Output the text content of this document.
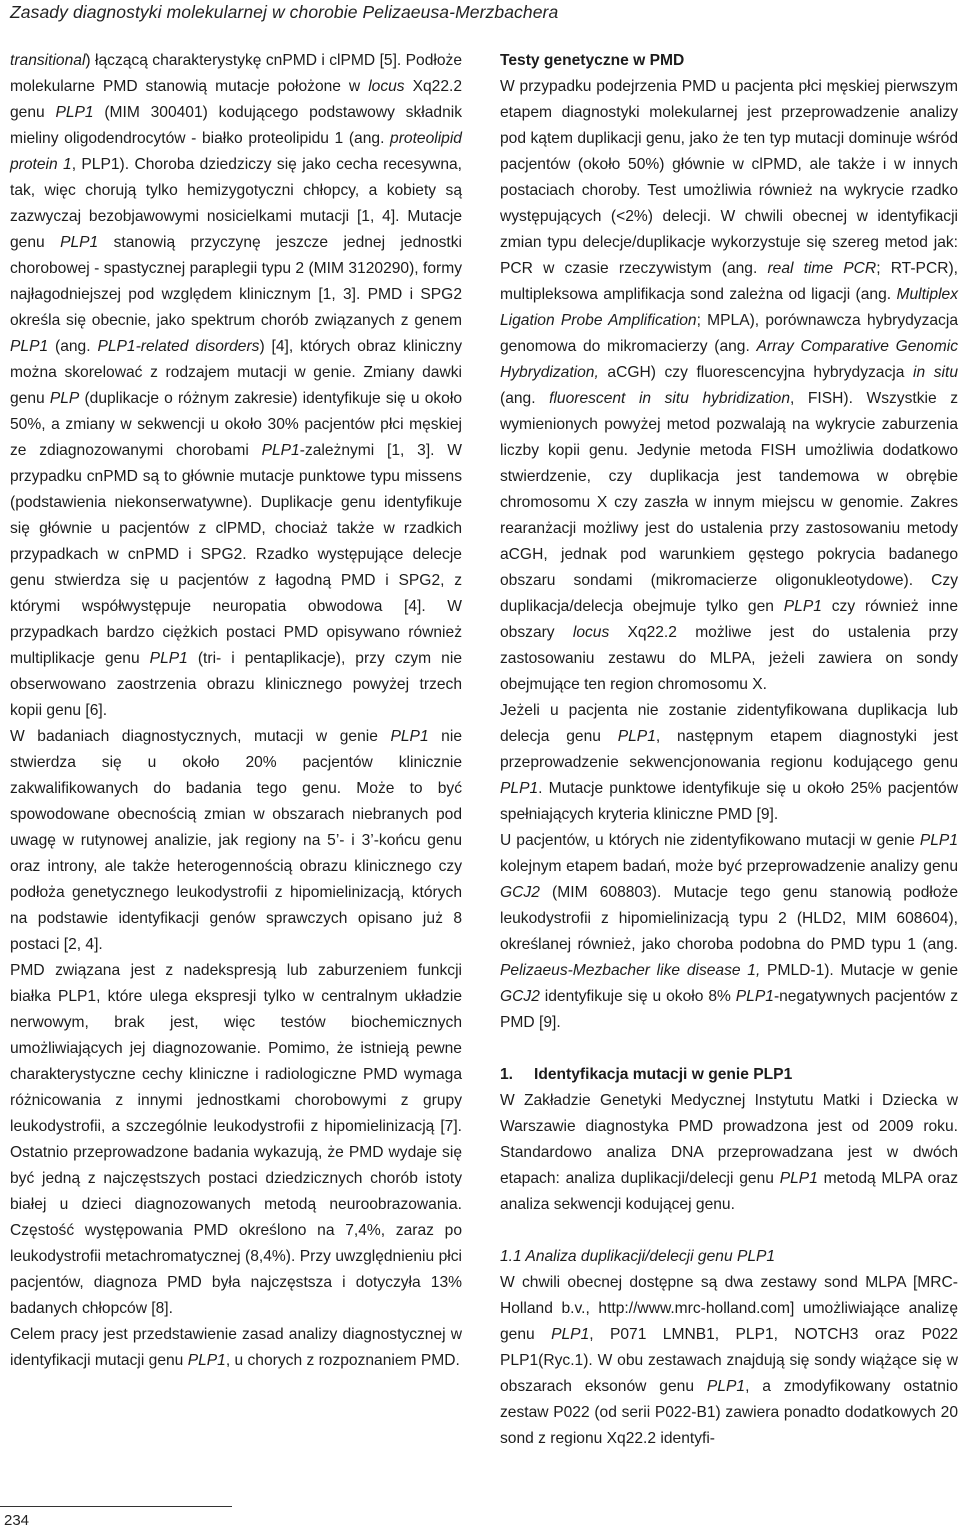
Zasady diagnostyki molekularnej w chorobie Pelizaeusa-Merzbachera

transitional) łączącą charakterystykę cnPMD i clPMD [5]. Podłoże molekularne PMD stanowią mutacje położone w locus Xq22.2 genu PLP1 (MIM 300401) kodującego podstawowy składnik mieliny oligodendrocytów - białko proteolipidu 1 (ang. proteolipid protein 1, PLP1). Choroba dziedziczy się jako cecha recesywna, tak, więc chorują tylko hemizygotyczni chłopcy, a kobiety są zazwyczaj bezobjawowymi nosicielkami mutacji [1, 4]. Mutacje genu PLP1 stanowią przyczynę jeszcze jednej jednostki chorobowej - spastycznej paraplegii typu 2 (MIM 3120290), formy najłagodniejszej pod względem klinicznym [1, 3]. PMD i SPG2 określa się obecnie, jako spektrum chorób związanych z genem PLP1 (ang. PLP1-related disorders) [4], których obraz kliniczny można skorelować z rodzajem mutacji w genie. Zmiany dawki genu PLP (duplikacje o różnym zakresie) identyfikuje się u około 50%, a zmiany w sekwencji u około 30% pacjentów płci męskiej ze zdiagnozowanymi chorobami PLP1-zależnymi [1, 3]. W przypadku cnPMD są to głównie mutacje punktowe typu missens (podstawienia niekonserwatywne). Duplikacje genu identyfikuje się głównie u pacjentów z clPMD, chociaż także w rzadkich przypadkach w cnPMD i SPG2. Rzadko występujące delecje genu stwierdza się u pacjentów z łagodną PMD i SPG2, z którymi współwystępuje neuropatia obwodowa [4]. W przypadkach bardzo ciężkich postaci PMD opisywano również multiplikacje genu PLP1 (tri- i pentaplikacje), przy czym nie obserwowano zaostrzenia obrazu klinicznego powyżej trzech kopii genu [6].

W badaniach diagnostycznych, mutacji w genie PLP1 nie stwierdza się u około 20% pacjentów klinicznie zakwalifikowanych do badania tego genu. Może to być spowodowane obecnością zmian w obszarach niebranych pod uwagę w rutynowej analizie, jak regiony na 5’- i 3’-końcu genu oraz introny, ale także heterogennością obrazu klinicznego czy podłoża genetycznego leukodystrofii z hipomielinizacją, których na podstawie identyfikacji genów sprawczych opisano już 8 postaci [2, 4].

PMD związana jest z nadekspresją lub zaburzeniem funkcji białka PLP1, które ulega ekspresji tylko w centralnym układzie nerwowym, brak jest, więc testów biochemicznych umożliwiających jej diagnozowanie. Pomimo, że istnieją pewne charakterystyczne cechy kliniczne i radiologiczne PMD wymaga różnicowania z innymi jednostkami chorobowymi z grupy leukodystrofii, a szczególnie leukodystrofii z hipomielinizacją [7]. Ostatnio przeprowadzone badania wykazują, że PMD wydaje się być jedną z najczęstszych postaci dziedzicznych chorób istoty białej u dzieci diagnozowanych metodą neuroobrazowania. Częstość występowania PMD określono na 7,4%, zaraz po leukodystrofii metachromatycznej (8,4%). Przy uwzględnieniu płci pacjentów, diagnoza PMD była najczęstsza i dotyczyła 13% badanych chłopców [8].

Celem pracy jest przedstawienie zasad analizy diagnostycznej w identyfikacji mutacji genu PLP1, u chorych z rozpoznaniem PMD.

Testy genetyczne w PMD

W przypadku podejrzenia PMD u pacjenta płci męskiej pierwszym etapem diagnostyki molekularnej jest przeprowadzenie analizy pod kątem duplikacji genu, jako że ten typ mutacji dominuje wśród pacjentów (około 50%) głównie w clPMD, ale także i w innych postaciach choroby. Test umożliwia również na wykrycie rzadko występujących (<2%) delecji. W chwili obecnej w identyfikacji zmian typu delecje/duplikacje wykorzystuje się szereg metod jak: PCR w czasie rzeczywistym (ang. real time PCR; RT-PCR), multipleksowa amplifikacja sond zależna od ligacji (ang. Multiplex Ligation Probe Amplification; MPLA), porównawcza hybrydyzacja genomowa do mikromacierzy (ang. Array Comparative Genomic Hybrydization, aCGH) czy fluorescencyjna hybrydyzacja in situ (ang. fluorescent in situ hybridization, FISH). Wszystkie z wymienionych powyżej metod pozwalają na wykrycie zaburzenia liczby kopii genu. Jedynie metoda FISH umożliwia dodatkowo stwierdzenie, czy duplikacja jest tandemowa w obrębie chromosomu X czy zaszła w innym miejscu w genomie. Zakres rearanżacji możliwy jest do ustalenia przy zastosowaniu metody aCGH, jednak pod warunkiem gęstego pokrycia badanego obszaru sondami (mikromacierze oligonukleotydowe). Czy duplikacja/delecja obejmuje tylko gen PLP1 czy również inne obszary locus Xq22.2 możliwe jest do ustalenia przy zastosowaniu zestawu do MLPA, jeżeli zawiera on sondy obejmujące ten region chromosomu X.

Jeżeli u pacjenta nie zostanie zidentyfikowana duplikacja lub delecja genu PLP1, następnym etapem diagnostyki jest przeprowadzenie sekwencjonowania regionu kodującego genu PLP1. Mutacje punktowe identyfikuje się u około 25% pacjentów spełniających kryteria kliniczne PMD [9].

U pacjentów, u których nie zidentyfikowano mutacji w genie PLP1 kolejnym etapem badań, może być przeprowadzenie analizy genu GCJ2 (MIM 608803). Mutacje tego genu stanowią podłoże leukodystrofii z hipomielinizacją typu 2 (HLD2, MIM 608604), określanej również, jako choroba podobna do PMD typu 1 (ang. Pelizaeus-Mezbacher like disease 1, PMLD-1). Mutacje w genie GCJ2 identyfikuje się u około 8% PLP1-negatywnych pacjentów z PMD [9].

1. Identyfikacja mutacji w genie PLP1

W Zakładzie Genetyki Medycznej Instytutu Matki i Dziecka w Warszawie diagnostyka PMD prowadzona jest od 2009 roku. Standardowo analiza DNA przeprowadzana jest w dwóch etapach: analiza duplikacji/delecji genu PLP1 metodą MLPA oraz analiza sekwencji kodującej genu.

1.1 Analiza duplikacji/delecji genu PLP1

W chwili obecnej dostępne są dwa zestawy sond MLPA [MRC-Holland b.v., http://www.mrc-holland.com] umożliwiające analizę genu PLP1, P071 LMNB1, PLP1, NOTCH3 oraz P022 PLP1(Ryc.1). W obu zestawach znajdują się sondy wiążące się w obszarach eksonów genu PLP1, a zmodyfikowany ostatnio zestaw P022 (od serii P022-B1) zawiera ponadto dodatkowych 20 sond z regionu Xq22.2 identyfi-

234
